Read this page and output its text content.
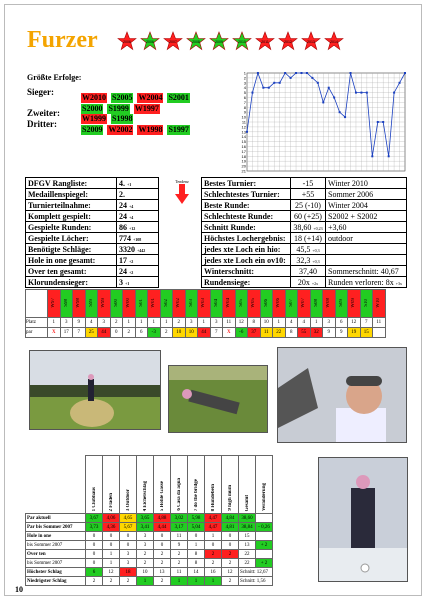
Furzer	2006	2006	2007	2008	2009	2010	2011	2012	2013	2014
Größte Erfolge:
Sieger:
W2010 S2005 W2004 S2001
S2000 S1999 W1997
Zweiter:
W1999 S1998
Dritter:
S2009 W2002 W1998 S1997
1
2
3
4
5
6
7
8
9
10
11
12
13
14
15
16
17
18
19
20
21
DFGV Rangliste:	4. +1
Medaillenspiegel:	2.
Turnierteilnahme:	24 +4
Komplett gespielt:	24 +4
Gespielte Runden:	86 +12
Gespielte Löcher:	774 +108
Benötigte Schläge:	3320 +442
Hole in one gesamt:	17 +2
Over ten gesamt:	24 +2
Klorundensieger:	3 +1
Tendenz Bestes Turnier:	-15	Winter 2010
Schlechtestes Turnier:	+55	Sommer 2006
Beste Runde:	25 (-10)	Winter 2004
Schlechteste Runde:	60 (+25)	S2002 + S2002
Schnitt Runde:	38,60 +0,23	+3,60
Höchstes Lochergebnis:	18 (+14)	outdoor
jedes xte Loch ein hio:	45,5 +0,3	
jedes xte Loch ein ov10:	32,3 +0,3	
Winterschnitt:	37,40	Sommerschnitt: 40,67
Rundensiege:	20x +2x	Runden verloren: 8x +3x
	W97	S98	W98	S99	W99	S00	W00	S01	W01	S02	W02	S03	W03	S04	W04	S05	W05	S06	W06	S07	W07	S08	W08	S09	W09	S10	W10
Platz	1	3	9	4	3	2	1	1	1	1	2	3	1	3	11	12	8	10	1	4	4	1	3	6	12	7	11
par	X	17	7	25	44	0	2	6	-3	2	10	10	44	7	X	-6	37	11	22	8	55	32	9	9	19	15	
	1 Clubhaus	2 Fladen	3 Outdoor	4 Eichelschlag	5 Hohle Gasse	6 Casa da aqua	7 do the bridge	8 Hundebein	9 high mum	Gesamt	Veränderung
Par aktuell	3,67	4,06	4,65	3,65	4,88	3,02	5,98	4,47	4,84	38,60	
Par bis Sommer 2007	3,73	4,36	5,67	3,41	4,44	3,17	5,04	4,47	4,81	38,84	- 0,26
Hole in one	0	0	0	3	0	11	0	1	0	15	
bis Sommer 2007	0	0	0	3	0	9	1	0	0	13	+ 2
Over ten	0	1	3	2	2	2	8	2	2	22	
bis Sommer 2007	0	1	3	2	2	2	8	2	2	22	+ 2
Höchster Schlag	6	12	18	10	13	11	14	16	12	Schnitt: 12,67	
Niedrigster Schlag	2	2	2	1	2	1	1	1	2	Schnitt: 1,56	
10
